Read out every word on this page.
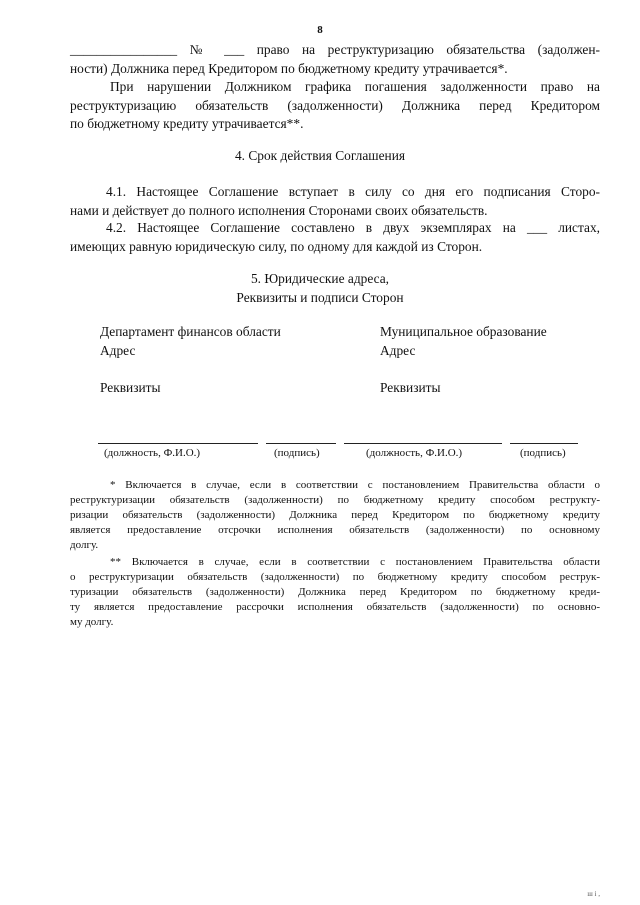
8
________________ № ___ право на реструктуризацию обязательства (задолжен-
ности) Должника перед Кредитором по бюджетному кредиту утрачивается*.
При нарушении Должником графика погашения задолженности право на
реструктуризацию обязательств (задолженности) Должника перед Кредитором
по бюджетному кредиту утрачивается**.
4. Срок действия Соглашения
4.1. Настоящее Соглашение вступает в силу со дня его подписания Сторо-
нами и действует до полного исполнения Сторонами своих обязательств.
4.2. Настоящее Соглашение составлено в двух экземплярах на ___ листах,
имеющих равную юридическую силу, по одному для каждой из Сторон.
5. Юридические адреса,
Реквизиты и подписи Сторон
Департамент финансов области
Адрес
Реквизиты
Муниципальное образование
Адрес
Реквизиты
(должность, Ф.И.О.)	(подпись)	(должность, Ф.И.О.)	(подпись)
* Включается в случае, если в соответствии с постановлением Правительства области о
реструктуризации обязательств (задолженности) по бюджетному кредиту способом реструкту-
ризации обязательств (задолженности) Должника перед Кредитором по бюджетному кредиту
является предоставление отсрочки исполнения обязательств (задолженности) по основному
долгу.
** Включается в случае, если в соответствии с постановлением Правительства области
о реструктуризации обязательств (задолженности) по бюджетному кредиту способом реструк-
туризации обязательств (задолженности) Должника перед Кредитором по бюджетному креди-
ту является предоставление рассрочки исполнения обязательств (задолженности) по основно-
му долгу.
ш і ,
